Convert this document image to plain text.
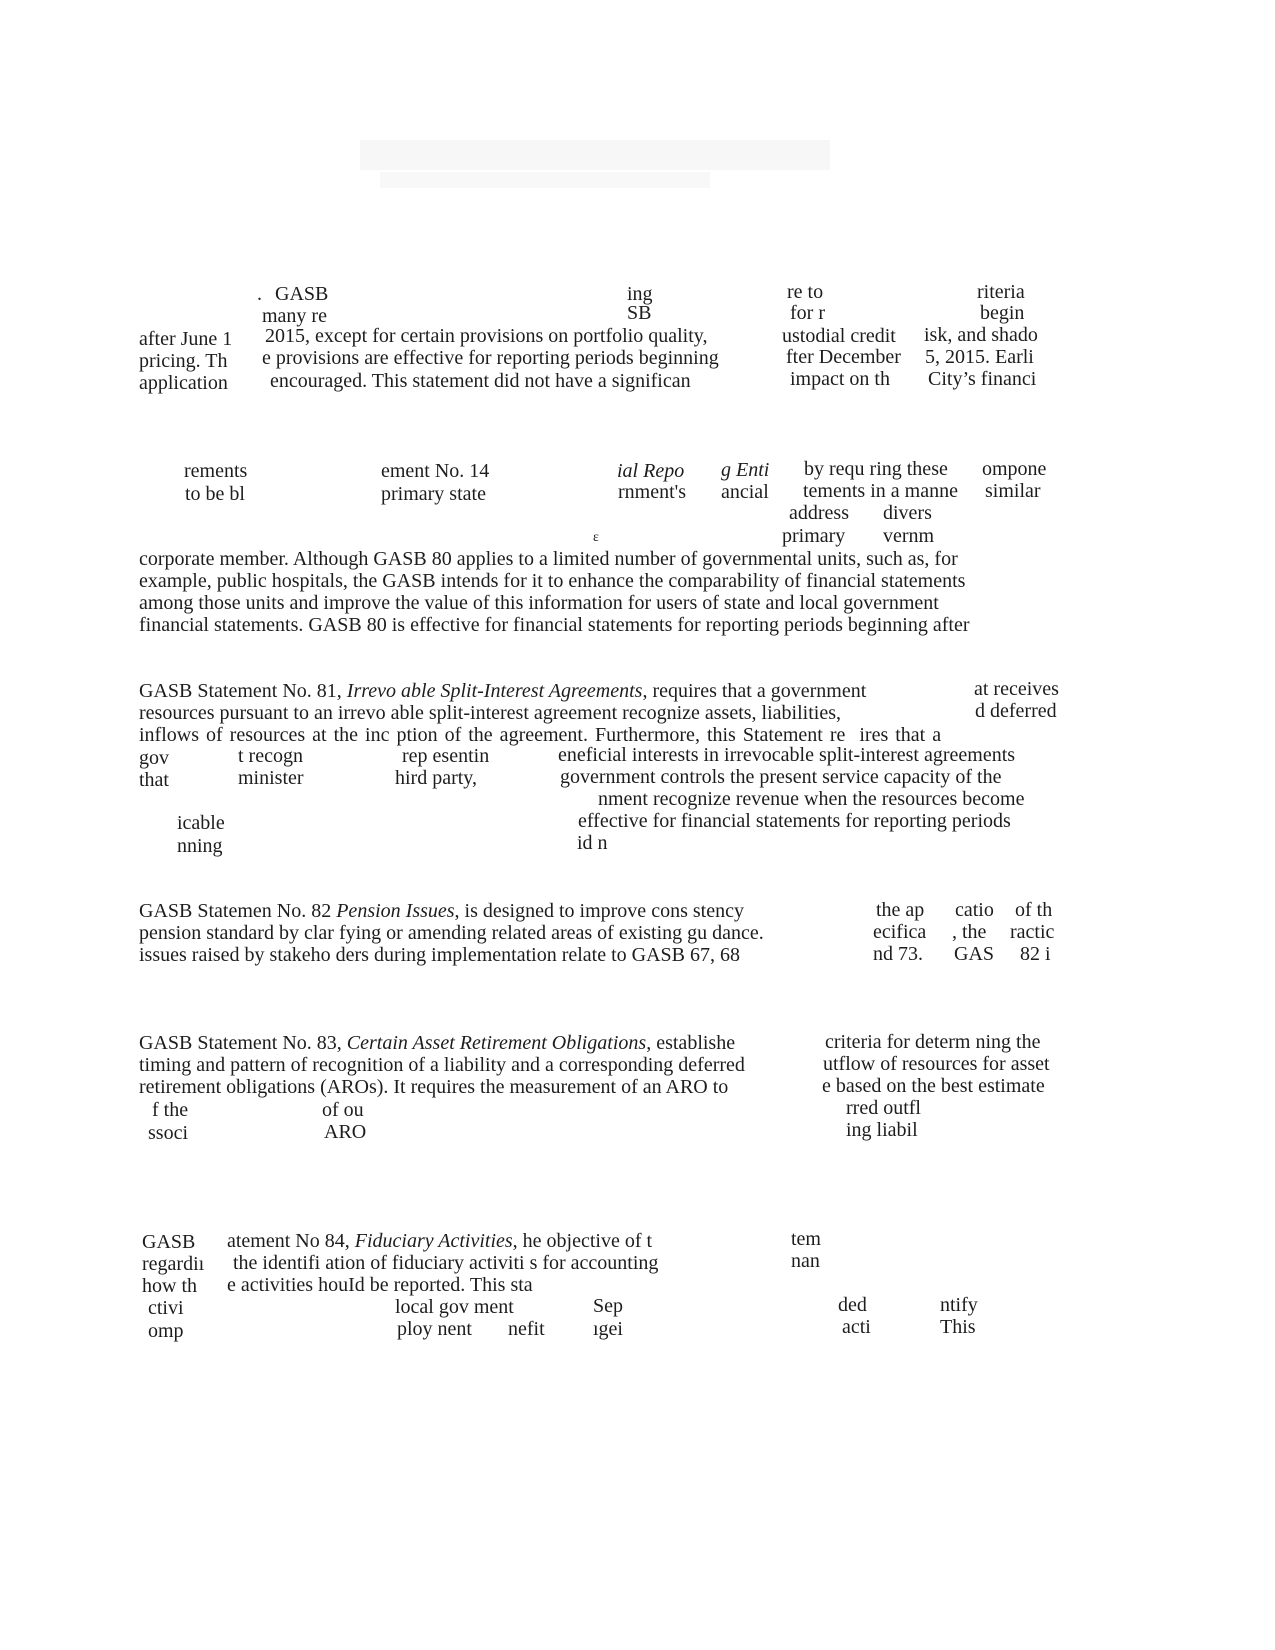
. GASB	ing	re to	riteria
many re	SB	for r	begin
after June 1 2015, except for certain provisions on portfolio quality,	ustodial credit isk, and shado
pricing. Th e provisions are effective for reporting periods beginning	fter December 5, 2015. Earli
application encouraged. This statement did not have a significan	impact on th City’s financi
rements	ement No. 14	ial Repo g Enti by requ ring these ompone
to be bl	primary state	rnment's ancial tements in a manne similar
address divers
ɛ	primary vernm
corporate member. Although GASB 80 applies to a limited number of governmental units, such as, for
example, public hospitals, the GASB intends for it to enhance the comparability of financial statements
among those units and improve the value of this information for users of state and local government
financial statements. GASB 80 is effective for financial statements for reporting periods beginning after
GASB Statement No. 81, Irrevo able Split-Interest Agreements, requires that a government	at receives
resources pursuant to an irrevo able split-interest agreement recognize assets, liabilities,	d deferred
inflows of resources at the inc ption of the agreement. Furthermore, this Statement re  ires that a
gov	t recogn	rep esentin	eneficial interests in irrevocable split-interest agreements
that	minister	hird party,	government controls the present service capacity of the
nment recognize revenue when the resources become
icable	effective for financial statements for reporting periods
nning	id n
GASB Statemen No. 82 Pension Issues, is designed to improve cons stency	the ap catio of th
pension standard by clar fying or amending related areas of existing gu dance.	ecifica , the ractic
issues raised by stakeho ders during implementation relate to GASB 67, 68	nd 73. GAS 82 i
GASB Statement No. 83, Certain Asset Retirement Obligations, establishe	criteria for determ ning the
timing and pattern of recognition of a liability and a corresponding deferred	utflow of resources for asset
retirement obligations (AROs). It requires the measurement of an ARO to	e based on the best estimate
f the	of ou	rred outfl
ssoci	ARO	ing liabil
GASB atement No 84, Fiduciary Activities, he objective of t	tem
regardiı the identifi ation of fiduciary activiti s for accounting	nan
how th e activities houId be reported. This sta
ctivi	local gov ment	Sep	ded	ntify
omp	ploy nent nefit ıgei	acti	This
